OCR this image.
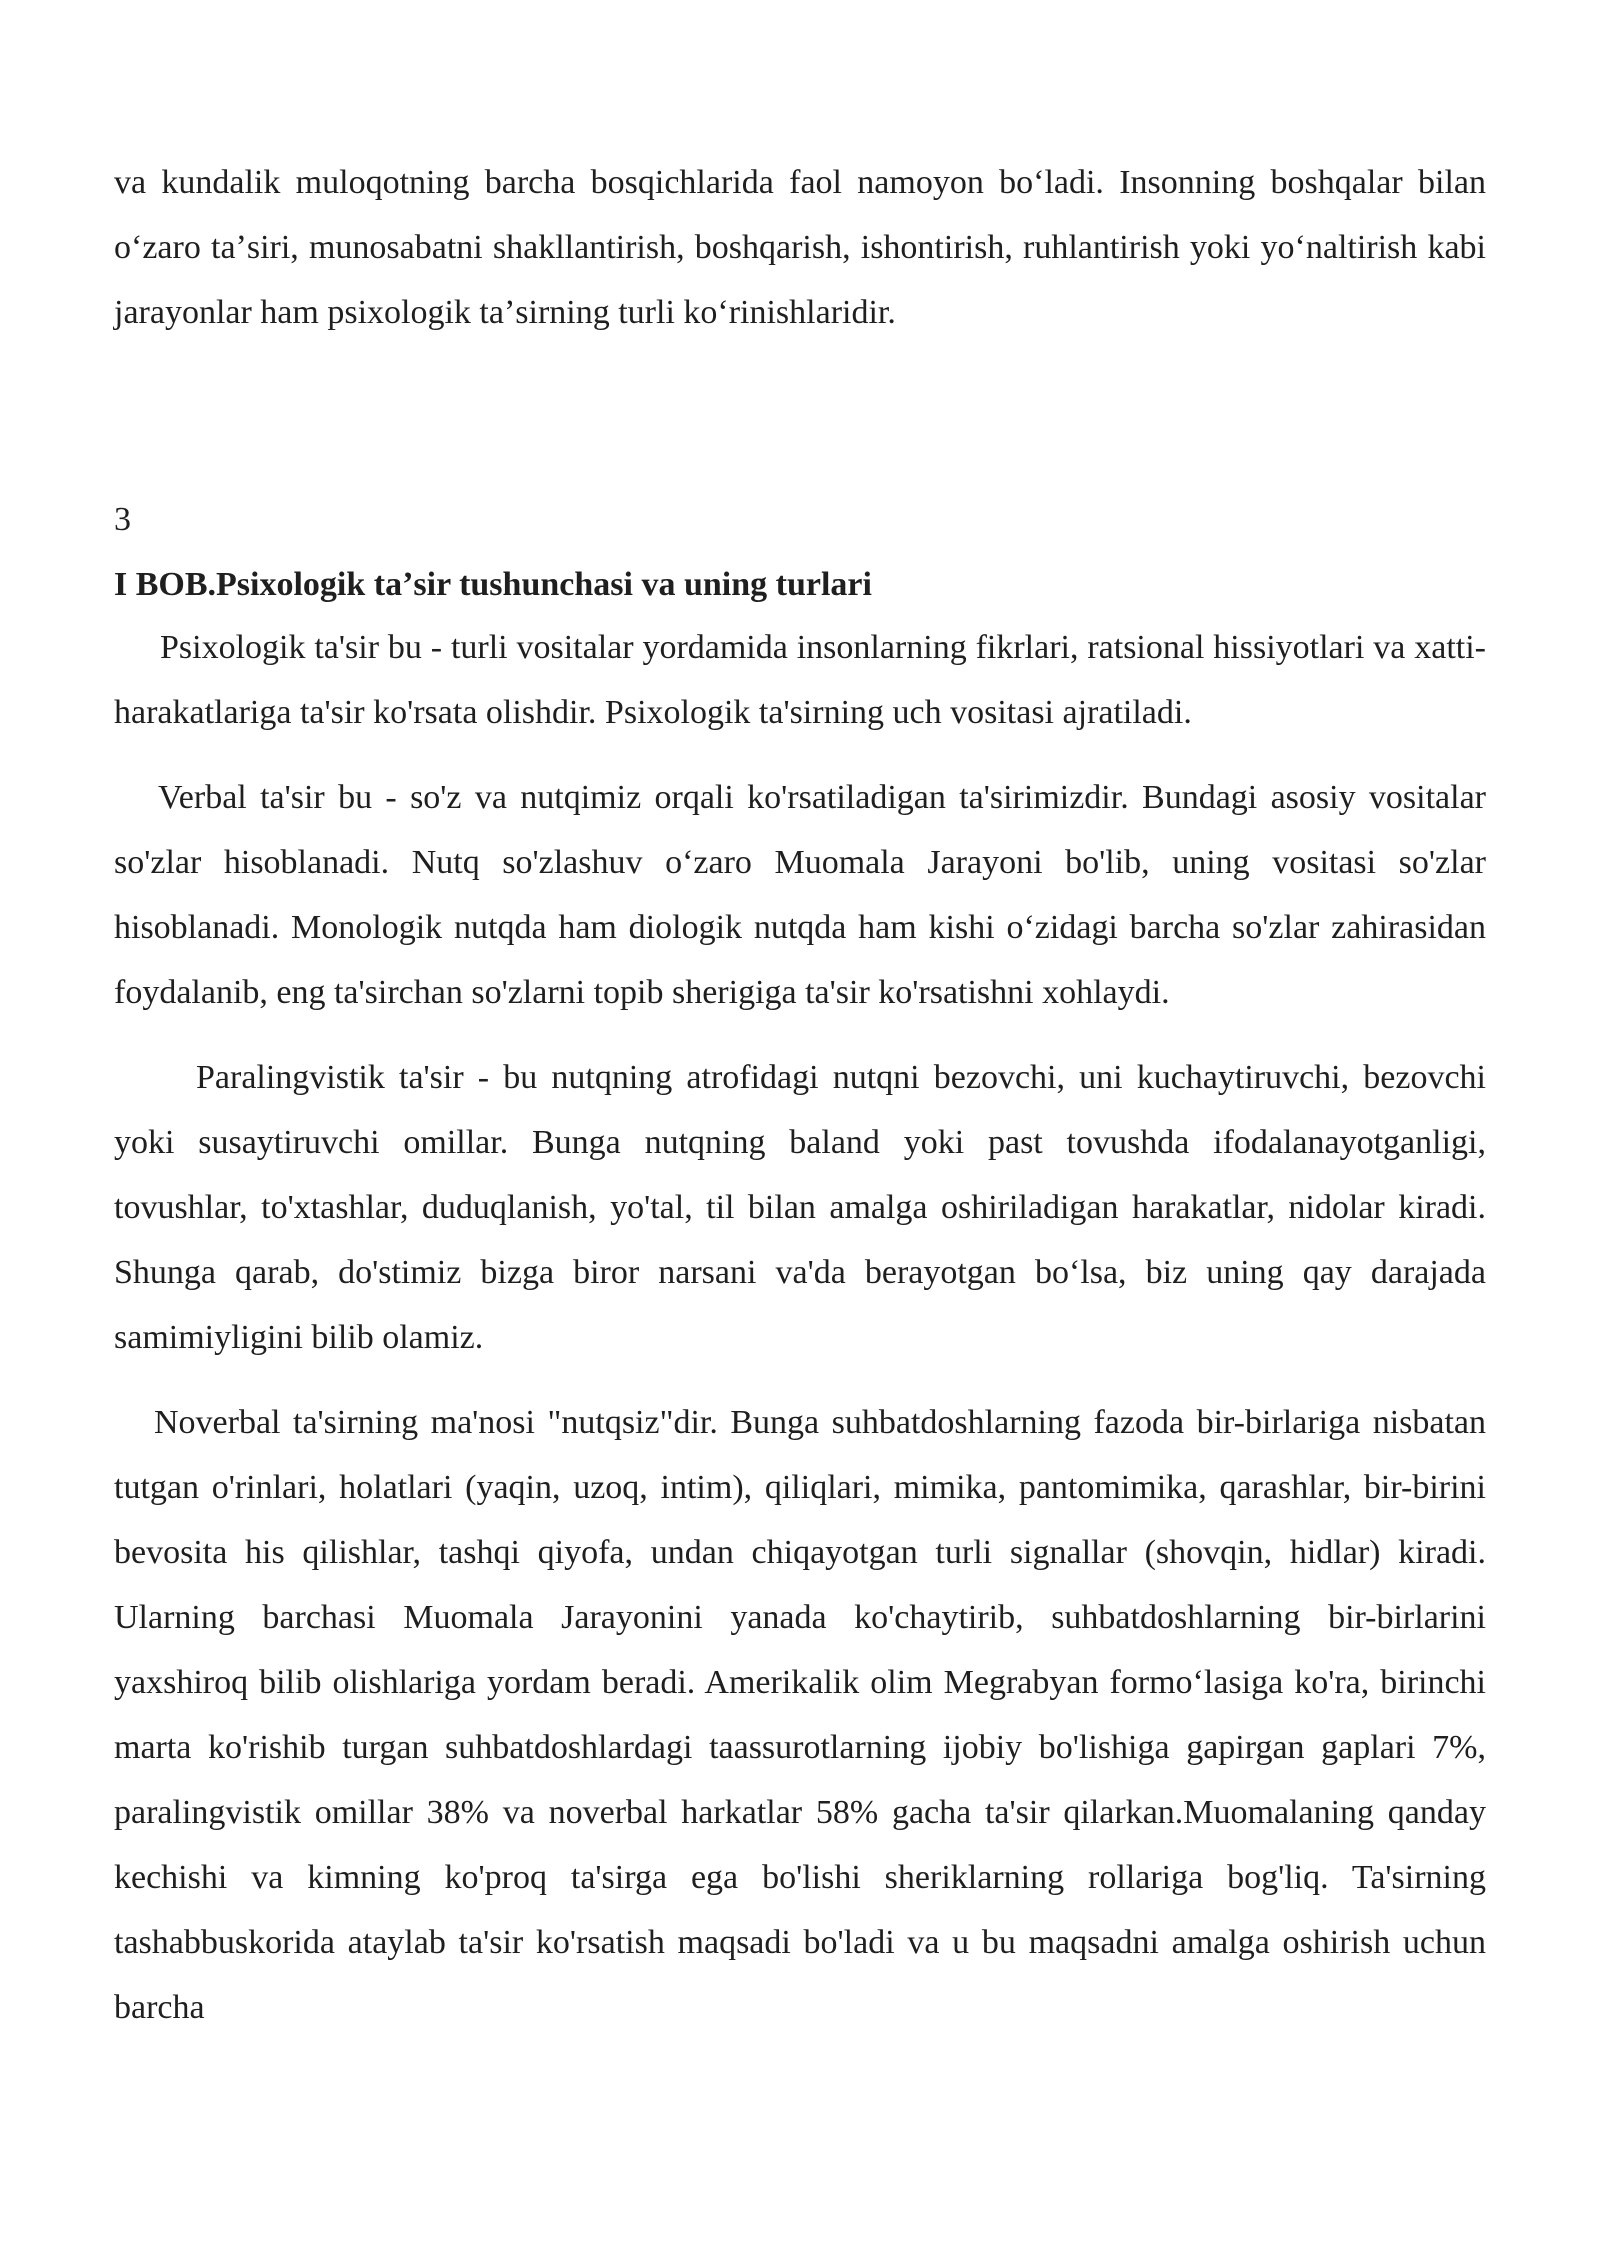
va kundalik muloqotning barcha bosqichlarida faol namoyon boʻladi. Insonning boshqalar bilan oʻzaro taʼsiri, munosabatni shakllantirish, boshqarish, ishontirish, ruhlantirish yoki yoʻnaltirish kabi jarayonlar ham psixologik taʼsirning turli koʻrinishlaridir.

3

I BOB.Psixologik taʼsir tushunchasi va uning turlari

Psixologik ta'sir bu - turli vositalar yordamida insonlarning fikrlari, ratsional hissiyotlari va xatti-harakatlariga ta'sir ko'rsata olishdir. Psixologik ta'sirning uch vositasi ajratiladi.

Verbal ta'sir bu - so'z va nutqimiz orqali ko'rsatiladigan ta'sirimizdir. Bundagi asosiy vositalar so'zlar hisoblanadi. Nutq so'zlashuv oʻzaro Muomala Jarayoni bo'lib, uning vositasi so'zlar hisoblanadi. Monologik nutqda ham diologik nutqda ham kishi oʻzidagi barcha so'zlar zahirasidan foydalanib, eng ta'sirchan so'zlarni topib sherigiga ta'sir ko'rsatishni xohlaydi.

Paralingvistik ta'sir - bu nutqning atrofidagi nutqni bezovchi, uni kuchaytiruvchi, bezovchi yoki susaytiruvchi omillar. Bunga nutqning baland yoki past tovushda ifodalanayotganligi, tovushlar, to'xtashlar, duduqlanish, yo'tal, til bilan amalga oshiriladigan harakatlar, nidolar kiradi. Shunga qarab, do'stimiz bizga biror narsani va'da berayotgan boʻlsa, biz uning qay darajada samimiyligini bilib olamiz.

Noverbal ta'sirning ma'nosi "nutqsiz"dir. Bunga suhbatdoshlarning fazoda bir-birlariga nisbatan tutgan o'rinlari, holatlari (yaqin, uzoq, intim), qiliqlari, mimika, pantomimika, qarashlar, bir-birini bevosita his qilishlar, tashqi qiyofa, undan chiqayotgan turli signallar (shovqin, hidlar) kiradi. Ularning barchasi Muomala Jarayonini yanada ko'chaytirib, suhbatdoshlarning bir-birlarini yaxshiroq bilib olishlariga yordam beradi. Amerikalik olim Megrabyan formoʻlasiga ko'ra, birinchi marta ko'rishib turgan suhbatdoshlardagi taassurotlarning ijobiy bo'lishiga gapirgan gaplari 7%, paralingvistik omillar 38% va noverbal harkatlar 58% gacha ta'sir qilarkan.Muomalaning qanday kechishi va kimning ko'proq ta'sirga ega bo'lishi sheriklarning rollariga bog'liq. Ta'sirning tashabbuskorida ataylab ta'sir ko'rsatish maqsadi bo'ladi va u bu maqsadni amalga oshirish uchun barcha
